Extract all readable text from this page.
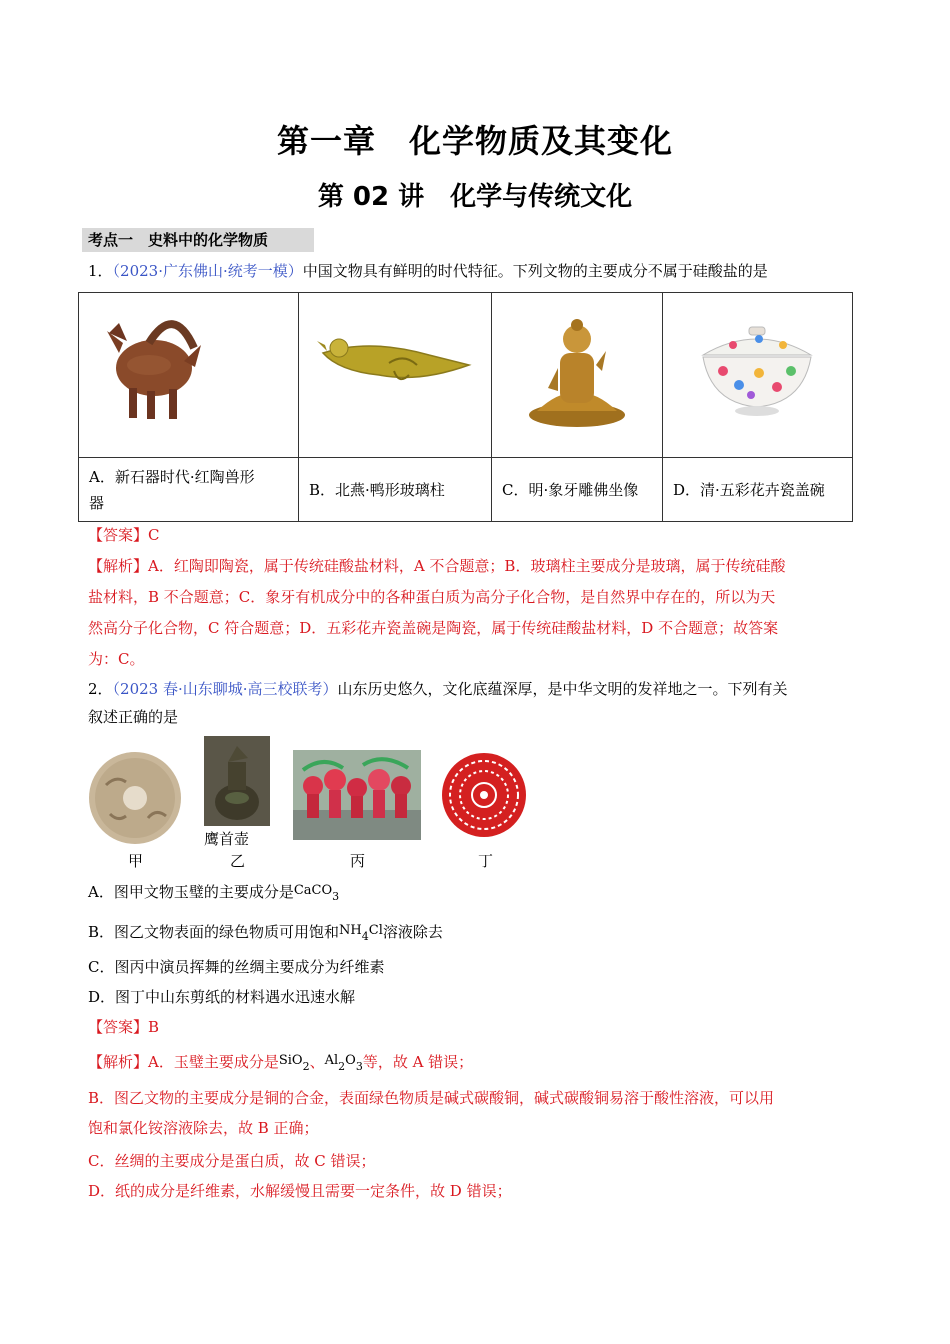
第一章　化学物质及其变化
第 02 讲　化学与传统文化
考点一　史料中的化学物质
1．（2023·广东佛山·统考一模）中国文物具有鲜明的时代特征。下列文物的主要成分不属于硅酸盐的是

A．新石器时代·红陶兽形
器	B．北燕·鸭形玻璃柱	C．明·象牙雕佛坐像	D．清·五彩花卉瓷盖碗
【答案】C
【解析】A．红陶即陶瓷，属于传统硅酸盐材料，A 不合题意；B．玻璃柱主要成分是玻璃，属于传统硅酸
盐材料，B 不合题意；C．象牙有机成分中的各种蛋白质为高分子化合物，是自然界中存在的，所以为天
然高分子化合物，C 符合题意；D．五彩花卉瓷盖碗是陶瓷，属于传统硅酸盐材料，D 不合题意；故答案
为：C。
2．（2023 春·山东聊城·高三校联考）山东历史悠久，文化底蕴深厚，是中华文明的发祥地之一。下列有关
叙述正确的是
鹰首壶
甲	乙	丙	丁
A．图甲文物玉璧的主要成分是CaCO$_3$
B．图乙文物表面的绿色物质可用饱和$NH_4Cl$溶液除去
C．图丙中演员挥舞的丝绸主要成分为纤维素
D．图丁中山东剪纸的材料遇水迅速水解
【答案】B
【解析】A．玉璧主要成分是SiO$_2$、$Al_2O_3$等，故 A 错误；
B．图乙文物的主要成分是铜的合金，表面绿色物质是碱式碳酸铜，碱式碳酸铜易溶于酸性溶液，可以用
饱和氯化铵溶液除去，故 B 正确；
C．丝绸的主要成分是蛋白质，故 C 错误；
D．纸的成分是纤维素，水解缓慢且需要一定条件，故 D 错误；
